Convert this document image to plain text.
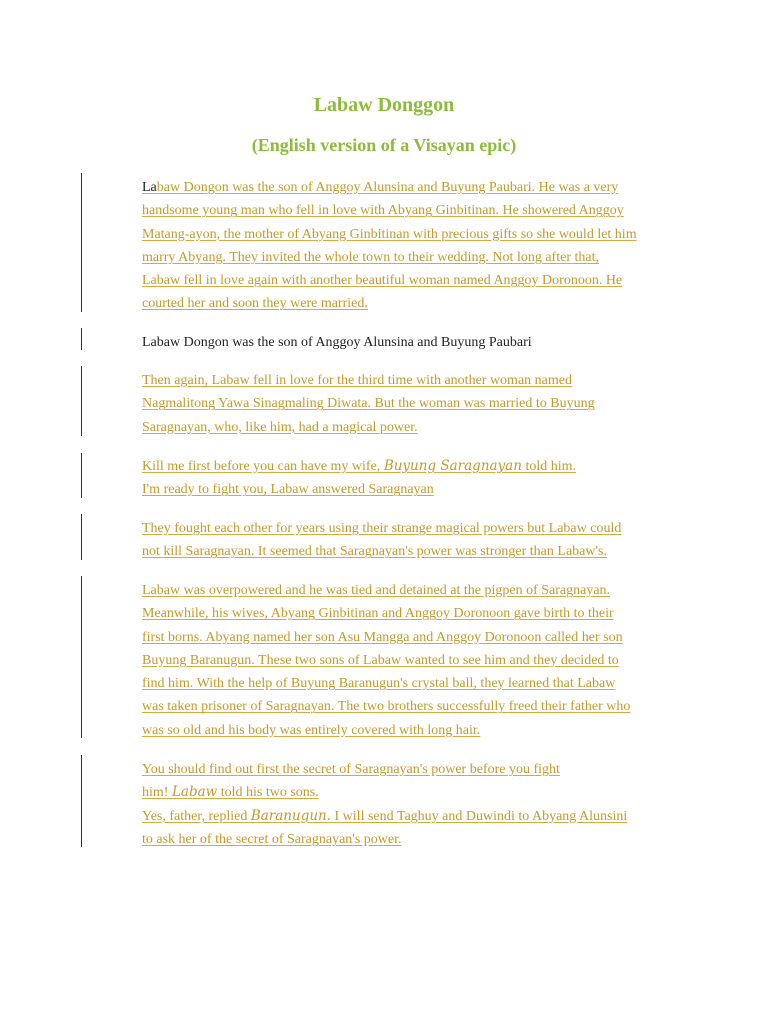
Labaw Donggon
(English version of a Visayan epic)
Labaw Dongon was the son of Anggoy Alunsina and Buyung Paubari. He was a very
handsome young man who fell in love with Abyang Ginbitinan. He showered Anggoy
Matang-ayon, the mother of Abyang Ginbitinan with precious gifts so she would let him
marry Abyang. They invited the whole town to their wedding. Not long after that,
Labaw fell in love again with another beautiful woman named Anggoy Doronoon. He
courted her and soon they were married.
Labaw Dongon was the son of Anggoy Alunsina and Buyung Paubari
Then again, Labaw fell in love for the third time with another woman named
Nagmalitong Yawa Sinagmaling Diwata. But the woman was married to Buyung
Saragnayan, who, like him, had a magical power.
Kill me first before you can have my wife, Buyung Saragnayan told him.
I'm ready to fight you, Labaw answered Saragnayan
They fought each other for years using their strange magical powers but Labaw could
not kill Saragnayan. It seemed that Saragnayan's power was stronger than Labaw's.
Labaw was overpowered and he was tied and detained at the pigpen of Saragnayan.
Meanwhile, his wives, Abyang Ginbitinan and Anggoy Doronoon gave birth to their
first borns. Abyang named her son Asu Mangga and Anggoy Doronoon called her son
Buyung Baranugun. These two sons of Labaw wanted to see him and they decided to
find him. With the help of Buyung Baranugun's crystal ball, they learned that Labaw
was taken prisoner of Saragnayan. The two brothers successfully freed their father who
was so old and his body was entirely covered with long hair.
You should find out first the secret of Saragnayan's power before you fight
him! Labaw told his two sons.
Yes, father, replied Baranugun. I will send Taghuy and Duwindi to Abyang Alunsini
to ask her of the secret of Saragnayan's power.
